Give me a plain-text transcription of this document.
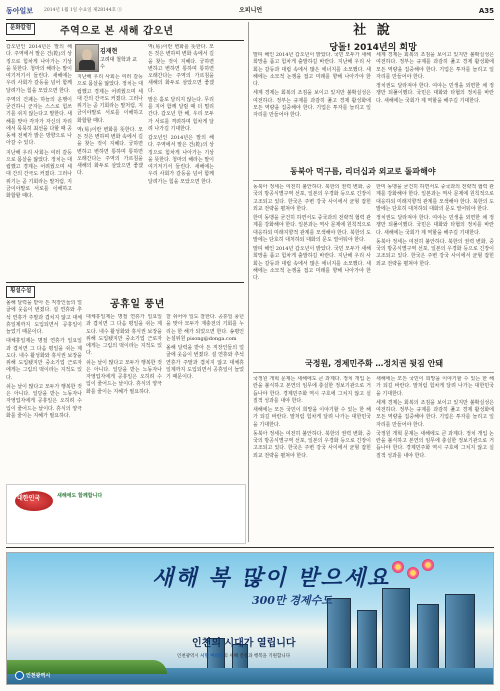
동아일보 2014년 1월 1일 수요일 제28144호 ⓐ	오피니언	A35
문화칼럼	주역으로 본 새해 갑오년
김재현
고려대 철학과 교수

갑오년인 2014년은 말의 해다. 주역에서 말은 건(乾)의 상징으로 힘차게 나아가는 기상을 뜻한다. 청마의 해라는 말이 여기저기서 들린다. 새해에는 우리 사회가 갈등을 넘어 함께 달려가는 힘을 모았으면 한다.

주역의 건괘는 하늘의 운행이 굳건하니 군자는 스스로 힘쓰기를 쉬지 않는다고 말한다. 새해를 맞아 각자가 자신의 자리에서 묵묵히 최선을 다할 때 공동체 전체가 밝은 방향으로 나아갈 수 있다.

지난해 우리 사회는 여러 갈등으로 몸살을 앓았다. 정치는 대립했고 경제는 어려웠으며 세대 간의 간극도 커졌다. 그러나 위기는 곧 기회라는 말처럼, 지금이야말로 서로를 이해하고 화합할 때다.

지난해 우리 사회는 여러 갈등으로 몸살을 앓았다. 정치는 대립했고 경제는 어려웠으며 세대 간의 간극도 커졌다. 그러나 위기는 곧 기회라는 말처럼, 지금이야말로 서로를 이해하고 화합할 때다.

역(易)이란 변화를 뜻한다. 모든 것은 변하며 변화 속에서 길을 찾는 것이 지혜다. 궁하면 변하고 변하면 통하며 통하면 오래간다는 주역의 가르침을 새해의 화두로 삼았으면 좋겠다.

역(易)이란 변화를 뜻한다. 모든 것은 변하며 변화 속에서 길을 찾는 것이 지혜다. 궁하면 변하고 변하면 통하며 통하면 오래간다는 주역의 가르침을 새해의 화두로 삼았으면 좋겠다.

말은 홀로 달리지 않는다. 무리를 지어 함께 달릴 때 더 멀리 간다. 갑오년 한 해, 우리 모두가 서로를 격려하며 힘차게 달려 나가길 기대한다.

갑오년인 2014년은 말의 해다. 주역에서 말은 건(乾)의 상징으로 힘차게 나아가는 기상을 뜻한다. 청마의 해라는 말이 여기저기서 들린다. 새해에는 우리 사회가 갈등을 넘어 함께 달려가는 힘을 모았으면 한다.

횡설수설
공휴일 풍년

올해 달력을 받아 든 직장인들의 얼굴에 웃음이 번졌다. 설 연휴와 추석 연휴가 주말과 겹치지 않고 대체휴일제까지 도입되면서 공휴일이 늘었기 때문이다.

대체휴일제는 명절 연휴가 일요일과 겹치면 그 다음 평일을 쉬는 제도다. 내수 활성화와 휴식권 보장을 위해 도입됐지만 중소기업 근로자에게는 그림의 떡이라는 지적도 있다.

쉬는 날이 많다고 모두가 행복한 것은 아니다. 일당을 받는 노동자나 자영업자에게 공휴일은 오히려 수입이 줄어드는 날이다. 휴식의 양극화를 줄이는 지혜가 필요하다.

대체휴일제는 명절 연휴가 일요일과 겹치면 그 다음 평일을 쉬는 제도다. 내수 활성화와 휴식권 보장을 위해 도입됐지만 중소기업 근로자에게는 그림의 떡이라는 지적도 있다.

쉬는 날이 많다고 모두가 행복한 것은 아니다. 일당을 받는 노동자나 자영업자에게 공휴일은 오히려 수입이 줄어드는 날이다. 휴식의 양극화를 줄이는 지혜가 필요하다.

잘 쉬어야 일도 잘한다. 공휴일 풍년을 맞아 모두가 재충전의 기회를 누리는 한 해가 되었으면 한다. 송평인 논설위원 pisong@donga.com

올해 달력을 받아 든 직장인들의 얼굴에 웃음이 번졌다. 설 연휴와 추석 연휴가 주말과 겹치지 않고 대체휴일제까지 도입되면서 공휴일이 늘었기 때문이다.

社 說
당돌! 2014년의 희망

말띠 해인 2014년 갑오년이 밝았다. 국민 모두가 새해 희망을 품고 힘차게 출발하길 바란다. 지난해 우리 사회는 갈등과 대립 속에서 많은 에너지를 소모했다. 새해에는 소모적 논쟁을 접고 미래를 향해 나아가야 한다.

세계 경제는 회복의 조짐을 보이고 있지만 불확실성은 여전하다. 정부는 규제를 과감히 풀고 경제 활성화에 모든 역량을 집중해야 한다. 기업은 투자를 늘리고 일자리를 만들어야 한다.

세계 경제는 회복의 조짐을 보이고 있지만 불확실성은 여전하다. 정부는 규제를 과감히 풀고 경제 활성화에 모든 역량을 집중해야 한다. 기업은 투자를 늘리고 일자리를 만들어야 한다.

정치권도 달라져야 한다. 여야는 민생을 외면한 채 정쟁만 되풀이했다. 국민은 대화와 타협의 정치를 바란다. 새해에는 국회가 제 역할을 해주길 기대한다.

동북아 먹구름, 리더십과 외교로 돌파해야

동북아 정세는 여전히 불안하다. 북한의 권력 변화, 중국의 방공식별구역 선포, 일본의 우경화 등으로 긴장이 고조되고 있다. 한국은 주변 강국 사이에서 균형 잡힌 외교 전략을 펼쳐야 한다.

한미 동맹을 굳건히 하면서도 중국과의 전략적 협력 관계를 강화해야 한다. 일본과는 역사 문제에 원칙적으로 대응하되 미래지향적 관계를 모색해야 한다. 북한의 도발에는 단호히 대처하되 대화의 문도 열어둬야 한다.

말띠 해인 2014년 갑오년이 밝았다. 국민 모두가 새해 희망을 품고 힘차게 출발하길 바란다. 지난해 우리 사회는 갈등과 대립 속에서 많은 에너지를 소모했다. 새해에는 소모적 논쟁을 접고 미래를 향해 나아가야 한다.

한미 동맹을 굳건히 하면서도 중국과의 전략적 협력 관계를 강화해야 한다. 일본과는 역사 문제에 원칙적으로 대응하되 미래지향적 관계를 모색해야 한다. 북한의 도발에는 단호히 대처하되 대화의 문도 열어둬야 한다.

정치권도 달라져야 한다. 여야는 민생을 외면한 채 정쟁만 되풀이했다. 국민은 대화와 타협의 정치를 바란다. 새해에는 국회가 제 역할을 해주길 기대한다.

동북아 정세는 여전히 불안하다. 북한의 권력 변화, 중국의 방공식별구역 선포, 일본의 우경화 등으로 긴장이 고조되고 있다. 한국은 주변 강국 사이에서 균형 잡힌 외교 전략을 펼쳐야 한다.

국정원, 경제민주화 …정치권 뒷짐 안돼

국정원 개혁 문제는 새해에도 큰 과제다. 정치 개입 논란을 불식하고 본연의 임무에 충실한 정보기관으로 거듭나야 한다. 경제민주화 역시 구호에 그치지 않고 실질적 성과를 내야 한다.

새해에는 모든 국민이 희망을 이야기할 수 있는 한 해가 되길 바란다. 말처럼 힘차게 달려 나가는 대한민국을 기대한다.

동북아 정세는 여전히 불안하다. 북한의 권력 변화, 중국의 방공식별구역 선포, 일본의 우경화 등으로 긴장이 고조되고 있다. 한국은 주변 강국 사이에서 균형 잡힌 외교 전략을 펼쳐야 한다.

새해에는 모든 국민이 희망을 이야기할 수 있는 한 해가 되길 바란다. 말처럼 힘차게 달려 나가는 대한민국을 기대한다.

세계 경제는 회복의 조짐을 보이고 있지만 불확실성은 여전하다. 정부는 규제를 과감히 풀고 경제 활성화에 모든 역량을 집중해야 한다. 기업은 투자를 늘리고 일자리를 만들어야 한다.

국정원 개혁 문제는 새해에도 큰 과제다. 정치 개입 논란을 불식하고 본연의 임무에 충실한 정보기관으로 거듭나야 한다. 경제민주화 역시 구호에 그치지 않고 실질적 성과를 내야 한다.

대한민국	새해에도 함께합니다
새해 복 많이 받으세요
300만 경제수도
인천의 시대가 열립니다
인천광역시 시민 여러분의 새해 건강과 행복을 기원합니다
인천광역시
